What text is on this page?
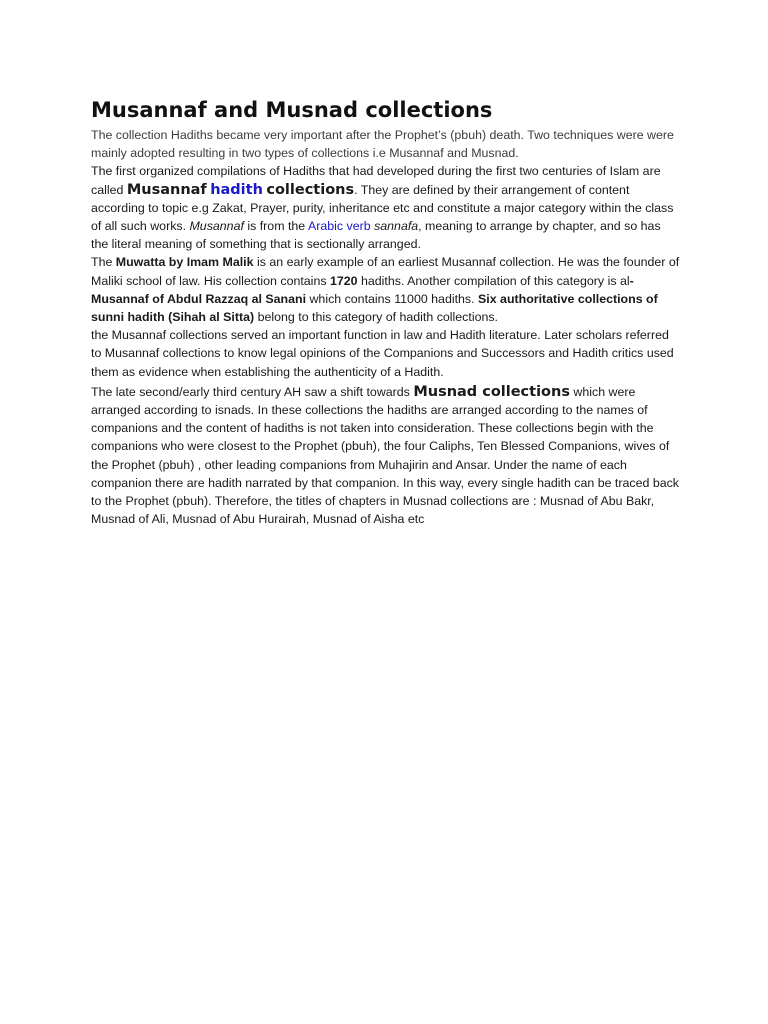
Musannaf and Musnad collections

The collection Hadiths became very important after the Prophet’s (pbuh) death. Two techniques were were mainly adopted resulting in two types of collections i.e Musannaf and Musnad.

The first organized compilations of Hadiths that had developed during the first two centuries of Islam are called Musannaf hadith collections. They are defined by their arrangement of content according to topic e.g Zakat, Prayer, purity, inheritance etc and constitute a major category within the class of all such works. Musannaf is from the Arabic verb sannafa, meaning to arrange by chapter, and so has the literal meaning of something that is sectionally arranged.

The Muwatta by Imam Malik is an early example of an earliest Musannaf collection. He was the founder of Maliki school of law. His collection contains 1720 hadiths. Another compilation of this category is al- Musannaf of Abdul Razzaq al Sanani which contains 11000 hadiths. Six authoritative collections of sunni hadith (Sihah al Sitta) belong to this category of hadith collections.

the Musannaf collections served an important function in law and Hadith literature. Later scholars referred to Musannaf collections to know legal opinions of the Companions and Successors and Hadith critics used them as evidence when establishing the authenticity of a Hadith.

The late second/early third century AH saw a shift towards Musnad collections which were arranged according to isnads. In these collections the hadiths are arranged according to the names of companions and the content of hadiths is not taken into consideration. These collections begin with the companions who were closest to the Prophet (pbuh), the four Caliphs, Ten Blessed Companions, wives of the Prophet (pbuh) , other leading companions from Muhajirin and Ansar. Under the name of each companion there are hadith narrated by that companion. In this way, every single hadith can be traced back to the Prophet (pbuh). Therefore, the titles of chapters in Musnad collections are : Musnad of Abu Bakr, Musnad of Ali, Musnad of Abu Hurairah, Musnad of Aisha etc
